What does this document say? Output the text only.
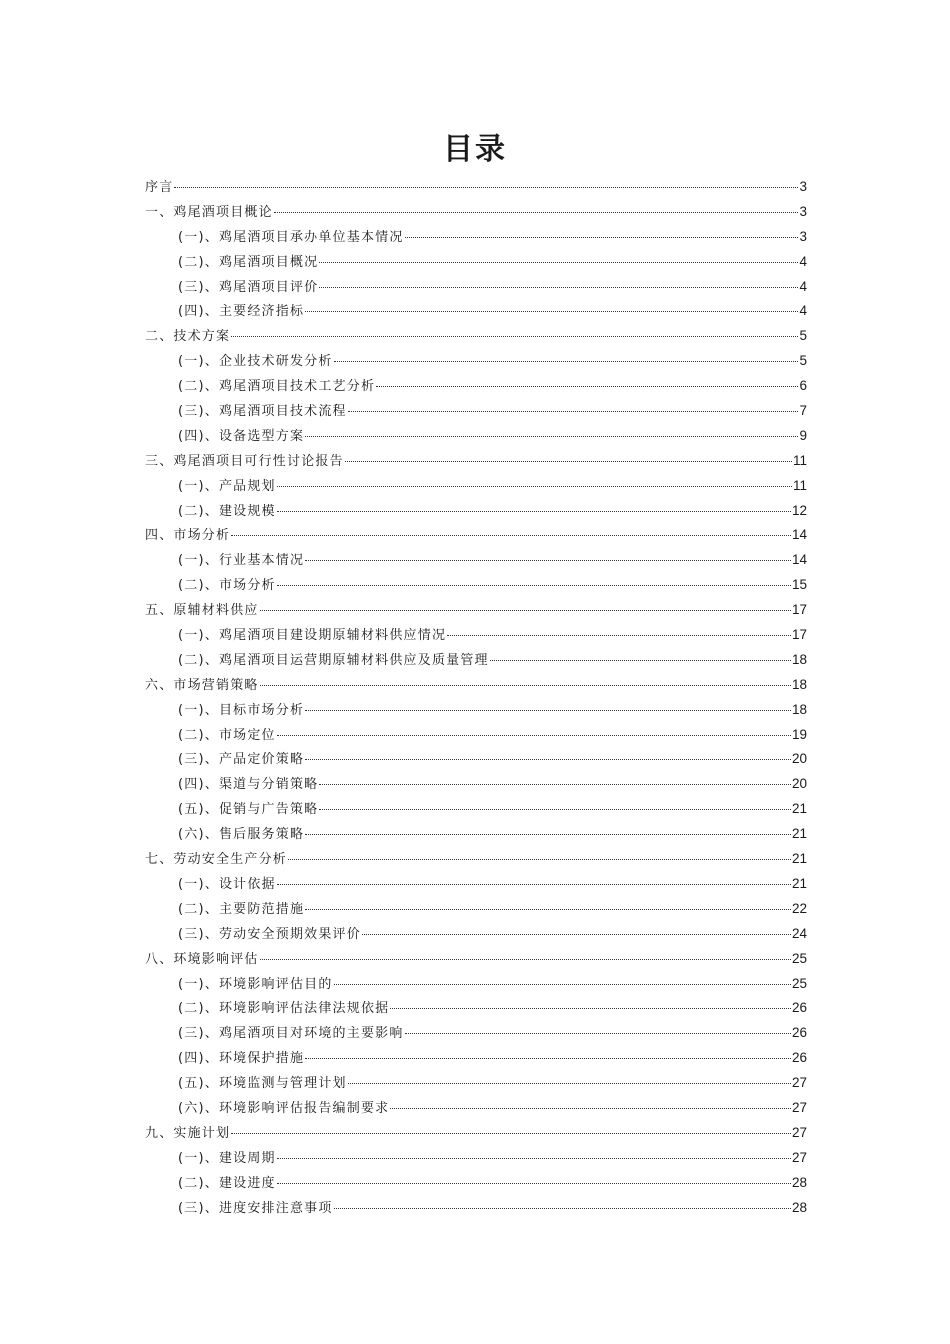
目录
序言	3
一、鸡尾酒项目概论	3
(一)、鸡尾酒项目承办单位基本情况	3
(二)、鸡尾酒项目概况	4
(三)、鸡尾酒项目评价	4
(四)、主要经济指标	4
二、技术方案	5
(一)、企业技术研发分析	5
(二)、鸡尾酒项目技术工艺分析	6
(三)、鸡尾酒项目技术流程	7
(四)、设备选型方案	9
三、鸡尾酒项目可行性讨论报告	11
(一)、产品规划	11
(二)、建设规模	12
四、市场分析	14
(一)、行业基本情况	14
(二)、市场分析	15
五、原辅材料供应	17
(一)、鸡尾酒项目建设期原辅材料供应情况	17
(二)、鸡尾酒项目运营期原辅材料供应及质量管理	18
六、市场营销策略	18
(一)、目标市场分析	18
(二)、市场定位	19
(三)、产品定价策略	20
(四)、渠道与分销策略	20
(五)、促销与广告策略	21
(六)、售后服务策略	21
七、劳动安全生产分析	21
(一)、设计依据	21
(二)、主要防范措施	22
(三)、劳动安全预期效果评价	24
八、环境影响评估	25
(一)、环境影响评估目的	25
(二)、环境影响评估法律法规依据	26
(三)、鸡尾酒项目对环境的主要影响	26
(四)、环境保护措施	26
(五)、环境监测与管理计划	27
(六)、环境影响评估报告编制要求	27
九、实施计划	27
(一)、建设周期	27
(二)、建设进度	28
(三)、进度安排注意事项	28
